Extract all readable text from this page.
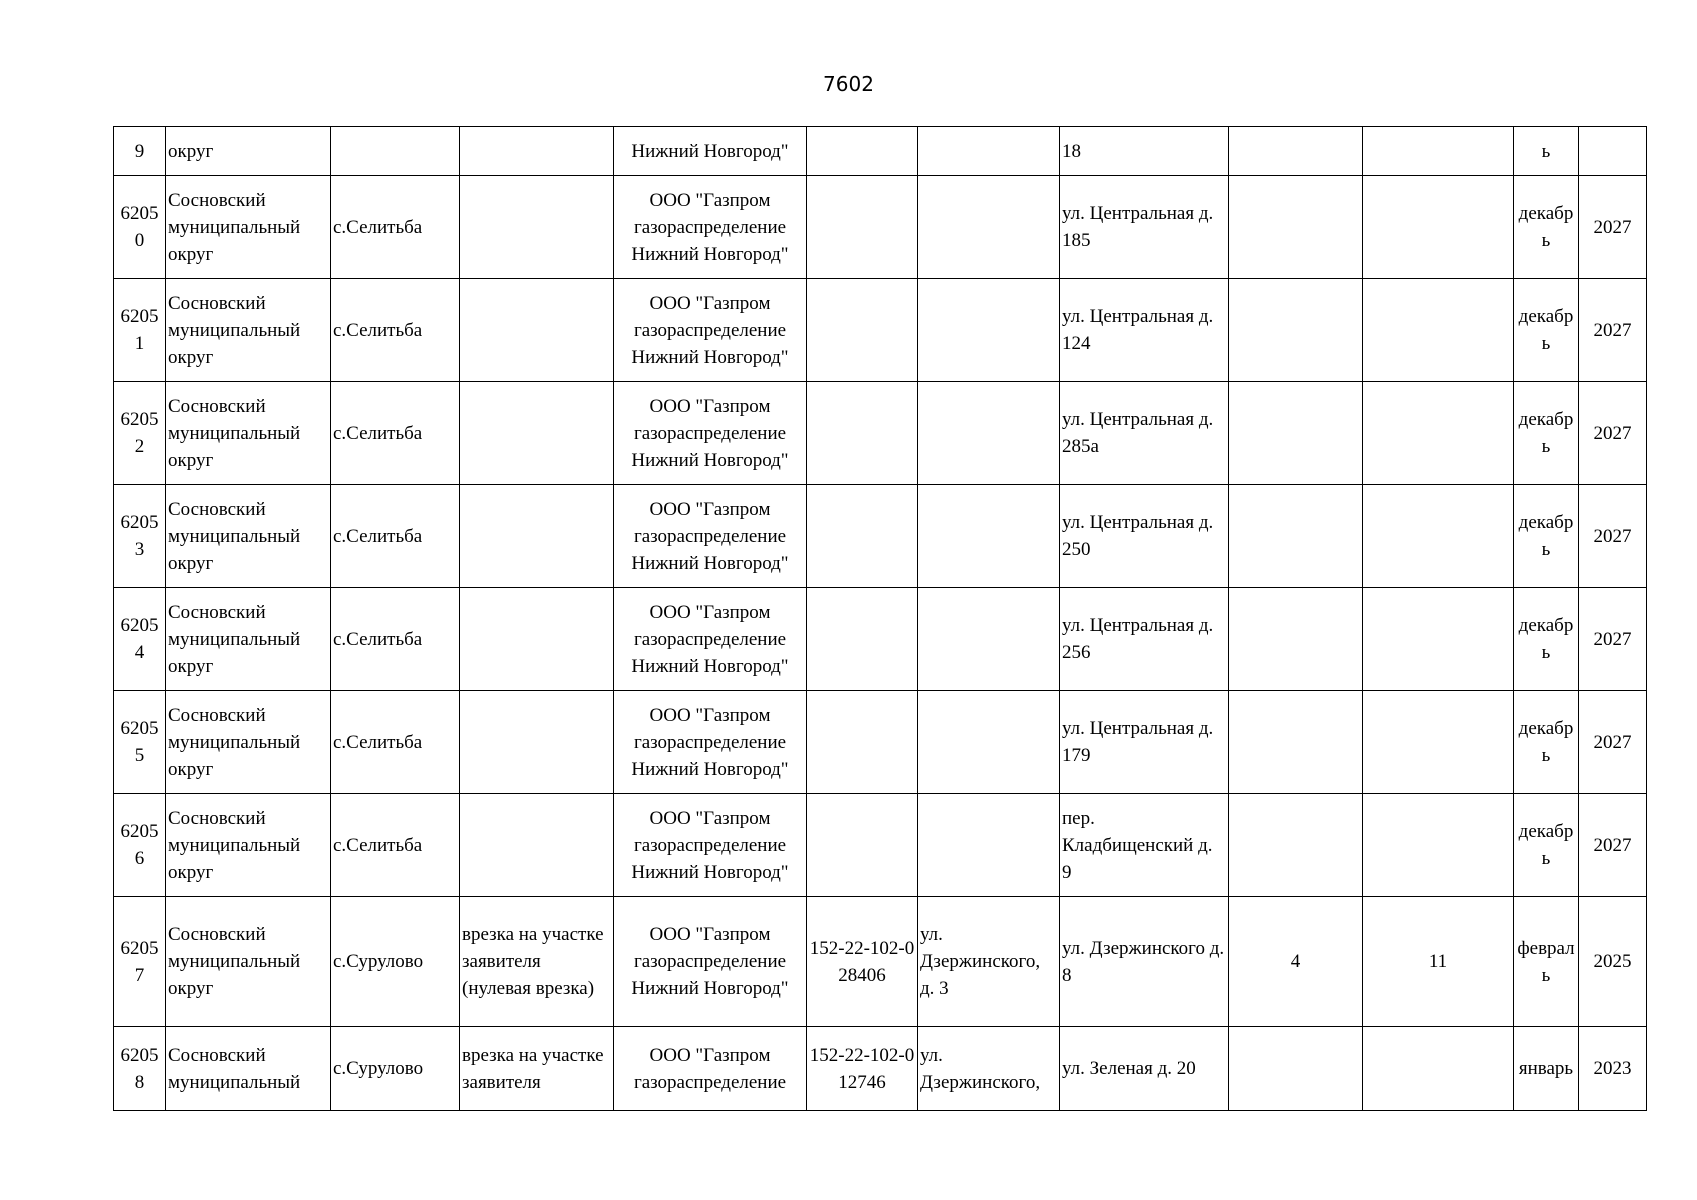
7602
9	округ			Нижний Новгород"			18			ь	
62050	Сосновский муниципальный округ	с.Селитьба		ООО "Газпром газораспределение Нижний Новгород"			ул. Центральная д. 185			декабрь	2027
62051	Сосновский муниципальный округ	с.Селитьба		ООО "Газпром газораспределение Нижний Новгород"			ул. Центральная д. 124			декабрь	2027
62052	Сосновский муниципальный округ	с.Селитьба		ООО "Газпром газораспределение Нижний Новгород"			ул. Центральная д. 285а			декабрь	2027
62053	Сосновский муниципальный округ	с.Селитьба		ООО "Газпром газораспределение Нижний Новгород"			ул. Центральная д. 250			декабрь	2027
62054	Сосновский муниципальный округ	с.Селитьба		ООО "Газпром газораспределение Нижний Новгород"			ул. Центральная д. 256			декабрь	2027
62055	Сосновский муниципальный округ	с.Селитьба		ООО "Газпром газораспределение Нижний Новгород"			ул. Центральная д. 179			декабрь	2027
62056	Сосновский муниципальный округ	с.Селитьба		ООО "Газпром газораспределение Нижний Новгород"			пер. Кладбищенский д. 9			декабрь	2027
62057	Сосновский муниципальный округ	с.Сурулово	врезка на участке заявителя (нулевая врезка)	ООО "Газпром газораспределение Нижний Новгород"	152-22-102-028406	ул. Дзержинского, д. 3	ул. Дзержинского д. 8	4	11	февраль	2025
62058	Сосновский муниципальный	с.Сурулово	врезка на участке заявителя	ООО "Газпром газораспределение	152-22-102-012746	ул. Дзержинского,	ул. Зеленая д. 20			январь	2023
